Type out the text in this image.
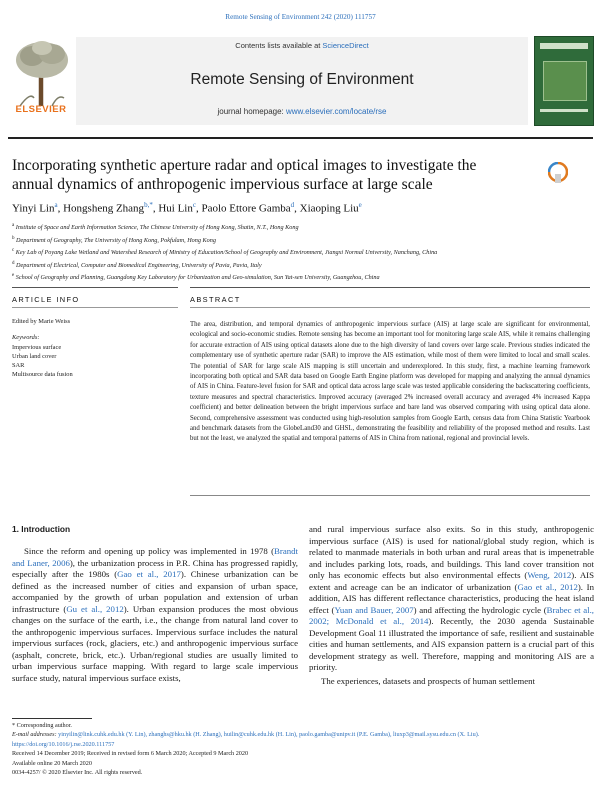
Remote Sensing of Environment 242 (2020) 111757
ELSEVIER
Contents lists available at ScienceDirect
Remote Sensing of Environment
journal homepage: www.elsevier.com/locate/rse
Incorporating synthetic aperture radar and optical images to investigate the annual dynamics of anthropogenic impervious surface at large scale
Yinyi Lin$^a$, Hongsheng Zhang$^{b,*}$, Hui Lin$^c$, Paolo Ettore Gamba$^d$, Xiaoping Liu$^e$
$^a$ Institute of Space and Earth Information Science, The Chinese University of Hong Kong, Shatin, N.T., Hong Kong
$^b$ Department of Geography, The University of Hong Kong, Pokfulam, Hong Kong
$^c$ Key Lab of Poyang Lake Wetland and Watershed Research of Ministry of Education/School of Geography and Environment, Jiangxi Normal University, Nanchang, China
$^d$ Department of Electrical, Computer and Biomedical Engineering, University of Pavia, Pavia, Italy
$^e$ School of Geography and Planning, Guangdong Key Laboratory for Urbanization and Geo-simulation, Sun Yat-sen University, Guangzhou, China
ARTICLE INFO	ABSTRACT
Edited by Marie Weiss
Keywords:
Impervious surface
Urban land cover
SAR
Multisource data fusion
The area, distribution, and temporal dynamics of anthropogenic impervious surface (AIS) at large scale are significant for environmental, ecological and socio-economic studies. Remote sensing has become an important tool for monitoring large scale AIS, while it remains challenging for accurate extraction of AIS using optical datasets alone due to the high diversity of land covers over large scale. Previous studies indicated the complementary use of synthetic aperture radar (SAR) to improve the AIS estimation, while most of them were limited to local and small scales. The potential of SAR for large scale AIS mapping is still uncertain and underexplored. In this study, first, a machine learning framework incorporating both optical and SAR data based on Google Earth Engine platform was developed for mapping and analyzing the annual dynamics of AIS in China. Feature-level fusion for SAR and optical data across large scale was tested applicable considering the backscattering coefficients, texture measures and spectral characteristics. Improved accuracy (averaged 2% increased overall accuracy and averaged 4% increased Kappa coefficient) and better delineation between the bright impervious surface and bare land was observed comparing with using optical data alone. Second, comprehensive assessment was conducted using high-resolution samples from Google Earth, census data from China Statistic Yearbook and benchmark datasets from the GlobeLand30 and GHSL, demonstrating the feasibility and reliability of the proposed method and results. Last but not the least, we analyzed the spatial and temporal patterns of AIS in China from national, regional and provincial levels.
1. Introduction
Since the reform and opening up policy was implemented in 1978 (Brandt and Laner, 2006), the urbanization process in P.R. China has progressed rapidly, especially after the 1980s (Gao et al., 2017). Chinese urbanization can be defined as the increased number of cities and expansion of urban space, accompanied by the growth of urban population and extension of urban infrastructure (Gu et al., 2012). Urban expansion produces the most obvious changes on the surface of the earth, i.e., the change from natural land cover to the anthropogenic impervious surfaces. Impervious surface includes the natural impervious surfaces (rock, glaciers, etc.) and anthropogenic impervious surface (asphalt, concrete, brick, etc.). Urban/regional studies are usually limited to urban impervious surface mapping. With regard to large scale impervious surface study, natural impervious surface exists,
and rural impervious surface also exits. So in this study, anthropogenic impervious surface (AIS) is used for national/global study region, which is related to manmade materials in both urban and rural areas that is impenetrable and includes parking lots, roads, and buildings. This land cover transition not only has economic effects but also environmental effects (Weng, 2012). AIS extent and acreage can be an indicator of urbanization (Gao et al., 2012). In addition, AIS has different reflectance characteristics, producing the heat island effect (Yuan and Bauer, 2007) and affecting the hydrologic cycle (Brabec et al., 2002; McDonald et al., 2014). Recently, the 2030 agenda Sustainable Development Goal 11 illustrated the importance of safe, resilient and sustainable cities and human settlements, and AIS expansion pattern is a crucial part of this development strategy as well. Therefore, mapping and monitoring AIS are a priority.
The experiences, datasets and prospects of human settlement
* Corresponding author.
E-mail addresses: yinyilin@link.cuhk.edu.hk (Y. Lin), zhanghs@hku.hk (H. Zhang), huilin@cuhk.edu.hk (H. Lin), paolo.gamba@unipv.it (P.E. Gamba), liuxp3@mail.sysu.edu.cn (X. Liu).
https://doi.org/10.1016/j.rse.2020.111757
Received 14 December 2019; Received in revised form 6 March 2020; Accepted 9 March 2020
Available online 20 March 2020
0034-4257/ © 2020 Elsevier Inc. All rights reserved.
